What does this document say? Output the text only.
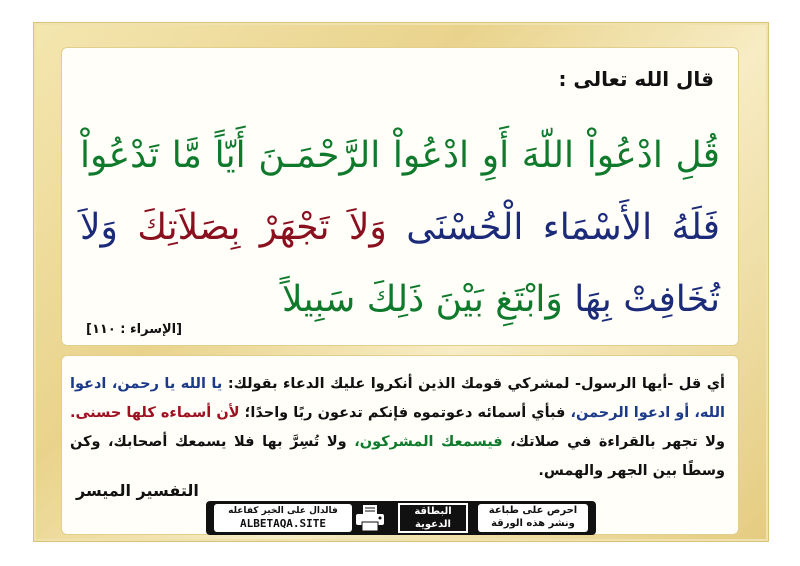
قال الله تعالى :
قُلِ ادْعُواْ اللّهَ أَوِ ادْعُواْ الرَّحْمَـنَ أَيّاً مَّا تَدْعُواْ فَلَهُ الأَسْمَاء الْحُسْنَى وَلاَ تَجْهَرْ بِصَلاَتِكَ وَلاَ تُخَافِتْ بِهَا وَابْتَغِ بَيْنَ ذَلِكَ سَبِيلاً
[الإسراء : ١١٠]
أي قل -أيها الرسول- لمشركي قومك الذين أنكروا عليك الدعاء بقولك: يا الله يا رحمن، ادعوا الله، أو ادعوا الرحمن، فبأي أسمائه دعوتموه فإنكم تدعون ربًا واحدًا؛ لأن أسماءه كلها حسنى. ولا تجهر بالقراءة في صلاتك، فيسمعك المشركون، ولا تُسِرَّ بها فلا يسمعك أصحابك، وكن وسطًا بين الجهر والهمس.
التفسير الميسر
فالدال على الخير كفاعله
ALBETAQA.SITE
البطاقة
الدعوية
احرص على طباعة
ونشر هذه الورقة
